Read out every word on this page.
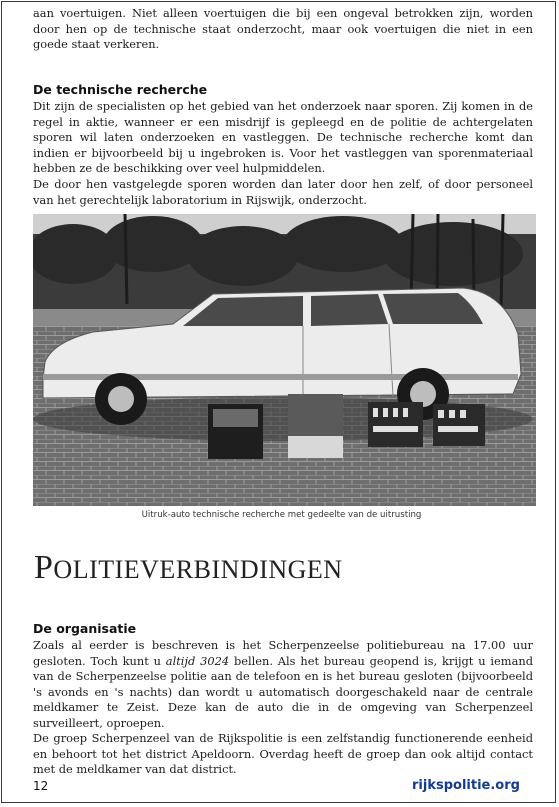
aan voertuigen. Niet alleen voertuigen die bij een ongeval betrokken zijn, worden door hen op de technische staat onderzocht, maar ook voertuigen die niet in een goede staat verkeren.

De technische recherche

Dit zijn de specialisten op het gebied van het onderzoek naar sporen. Zij komen in de regel in aktie, wanneer er een misdrijf is gepleegd en de politie de achtergelaten sporen wil laten onderzoeken en vastleggen. De technische recherche komt dan indien er bijvoorbeeld bij u ingebroken is. Voor het vastleggen van sporenmateriaal hebben ze de beschikking over veel hulpmiddelen.

De door hen vastgelegde sporen worden dan later door hen zelf, of door personeel van het gerechtelijk laboratorium in Rijswijk, onderzocht.

Uitruk-auto technische recherche met gedeelte van de uitrusting

POLITIEVERBINDINGEN
De organisatie

Zoals al eerder is beschreven is het Scherpenzeelse politiebureau na 17.00 uur gesloten. Toch kunt u altijd 3024 bellen. Als het bureau geopend is, krijgt u iemand van de Scherpenzeelse politie aan de telefoon en is het bureau gesloten (bijvoorbeeld 's avonds en 's nachts) dan wordt u automatisch doorgeschakeld naar de centrale meldkamer te Zeist. Deze kan de auto die in de omgeving van Scherpenzeel surveilleert, oproepen.

De groep Scherpenzeel van de Rijkspolitie is een zelfstandig functionerende eenheid en behoort tot het district Apeldoorn. Overdag heeft de groep dan ook altijd contact met de meldkamer van dat district.

12	rijkspolitie.org
